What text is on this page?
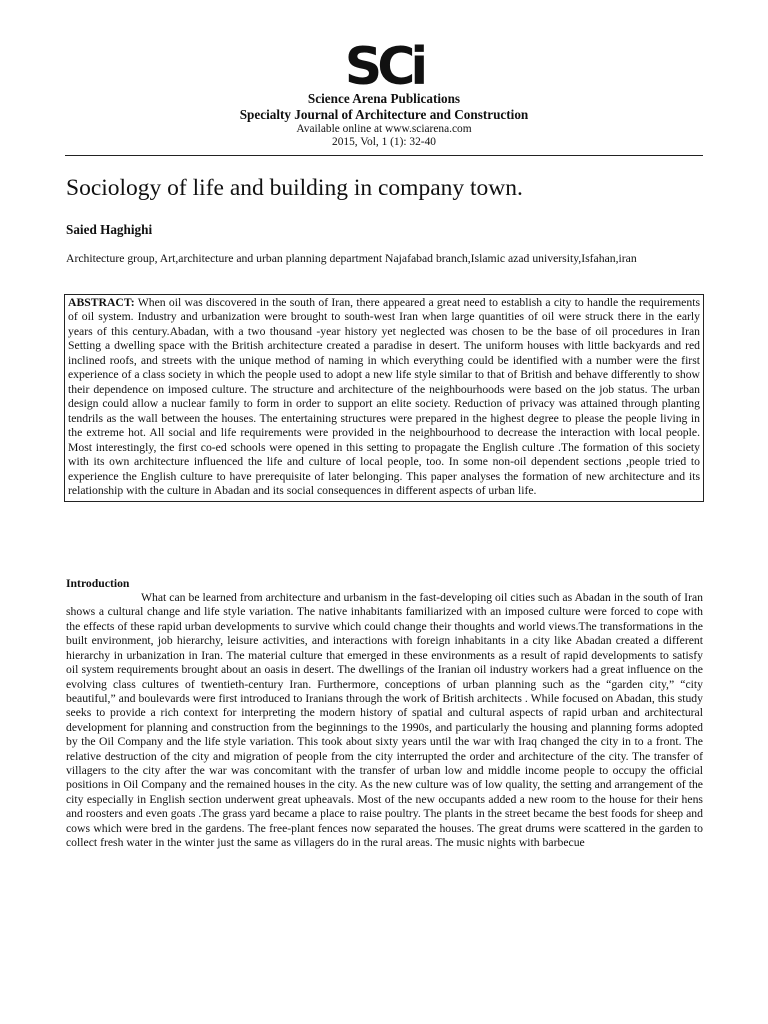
SCi
Science Arena Publications
Specialty Journal of Architecture and Construction
Available online at www.sciarena.com
2015, Vol, 1 (1): 32-40
Sociology of life and building in company town.
Saied Haghighi
Architecture group, Art,architecture and urban planning department Najafabad branch,Islamic azad university,Isfahan,iran
ABSTRACT: When oil was discovered in the south of Iran, there appeared a great need to establish a city to handle the requirements of oil system. Industry and urbanization were brought to south-west Iran when large quantities of oil were struck there in the early years of this century.Abadan, with a two thousand -year history yet neglected was chosen to be the base of oil procedures in Iran Setting a dwelling space with the British architecture created a paradise in desert. The uniform houses with little backyards and red inclined roofs, and streets with the unique method of naming in which everything could be identified with a number were the first experience of a class society in which the people used to adopt a new life style similar to that of British and behave differently to show their dependence on imposed culture. The structure and architecture of the neighbourhoods were based on the job status. The urban design could allow a nuclear family to form in order to support an elite society. Reduction of privacy was attained through planting tendrils as the wall between the houses. The entertaining structures were prepared in the highest degree to please the people living in the extreme hot. All social and life requirements were provided in the neighbourhood to decrease the interaction with local people. Most interestingly, the first co-ed schools were opened in this setting to propagate the English culture .The formation of this society with its own architecture influenced the life and culture of local people, too. In some non-oil dependent sections ,people tried to experience the English culture to have prerequisite of later belonging. This paper analyses the formation of new architecture and its relationship with the culture in Abadan and its social consequences in different aspects of urban life.
Introduction

What can be learned from architecture and urbanism in the fast-developing oil cities such as Abadan in the south of Iran shows a cultural change and life style variation. The native inhabitants familiarized with an imposed culture were forced to cope with the effects of these rapid urban developments to survive which could change their thoughts and world views.The transformations in the built environment, job hierarchy, leisure activities, and interactions with foreign inhabitants in a city like Abadan created a different hierarchy in urbanization in Iran. The material culture that emerged in these environments as a result of rapid developments to satisfy oil system requirements brought about an oasis in desert. The dwellings of the Iranian oil industry workers had a great influence on the evolving class cultures of twentieth-century Iran. Furthermore, conceptions of urban planning such as the “garden city,” “city beautiful,” and boulevards were first introduced to Iranians through the work of British architects . While focused on Abadan, this study seeks to provide a rich context for interpreting the modern history of spatial and cultural aspects of rapid urban and architectural development for planning and construction from the beginnings to the 1990s, and particularly the housing and planning forms adopted by the Oil Company and the life style variation. This took about sixty years until the war with Iraq changed the city in to a front. The relative destruction of the city and migration of people from the city interrupted the order and architecture of the city. The transfer of villagers to the city after the war was concomitant with the transfer of urban low and middle income people to occupy the official positions in Oil Company and the remained houses in the city. As the new culture was of low quality, the setting and arrangement of the city especially in English section underwent great upheavals. Most of the new occupants added a new room to the house for their hens and roosters and even goats .The grass yard became a place to raise poultry. The plants in the street became the best foods for sheep and cows which were bred in the gardens. The free-plant fences now separated the houses. The great drums were scattered in the garden to collect fresh water in the winter just the same as villagers do in the rural areas. The music nights with barbecue
